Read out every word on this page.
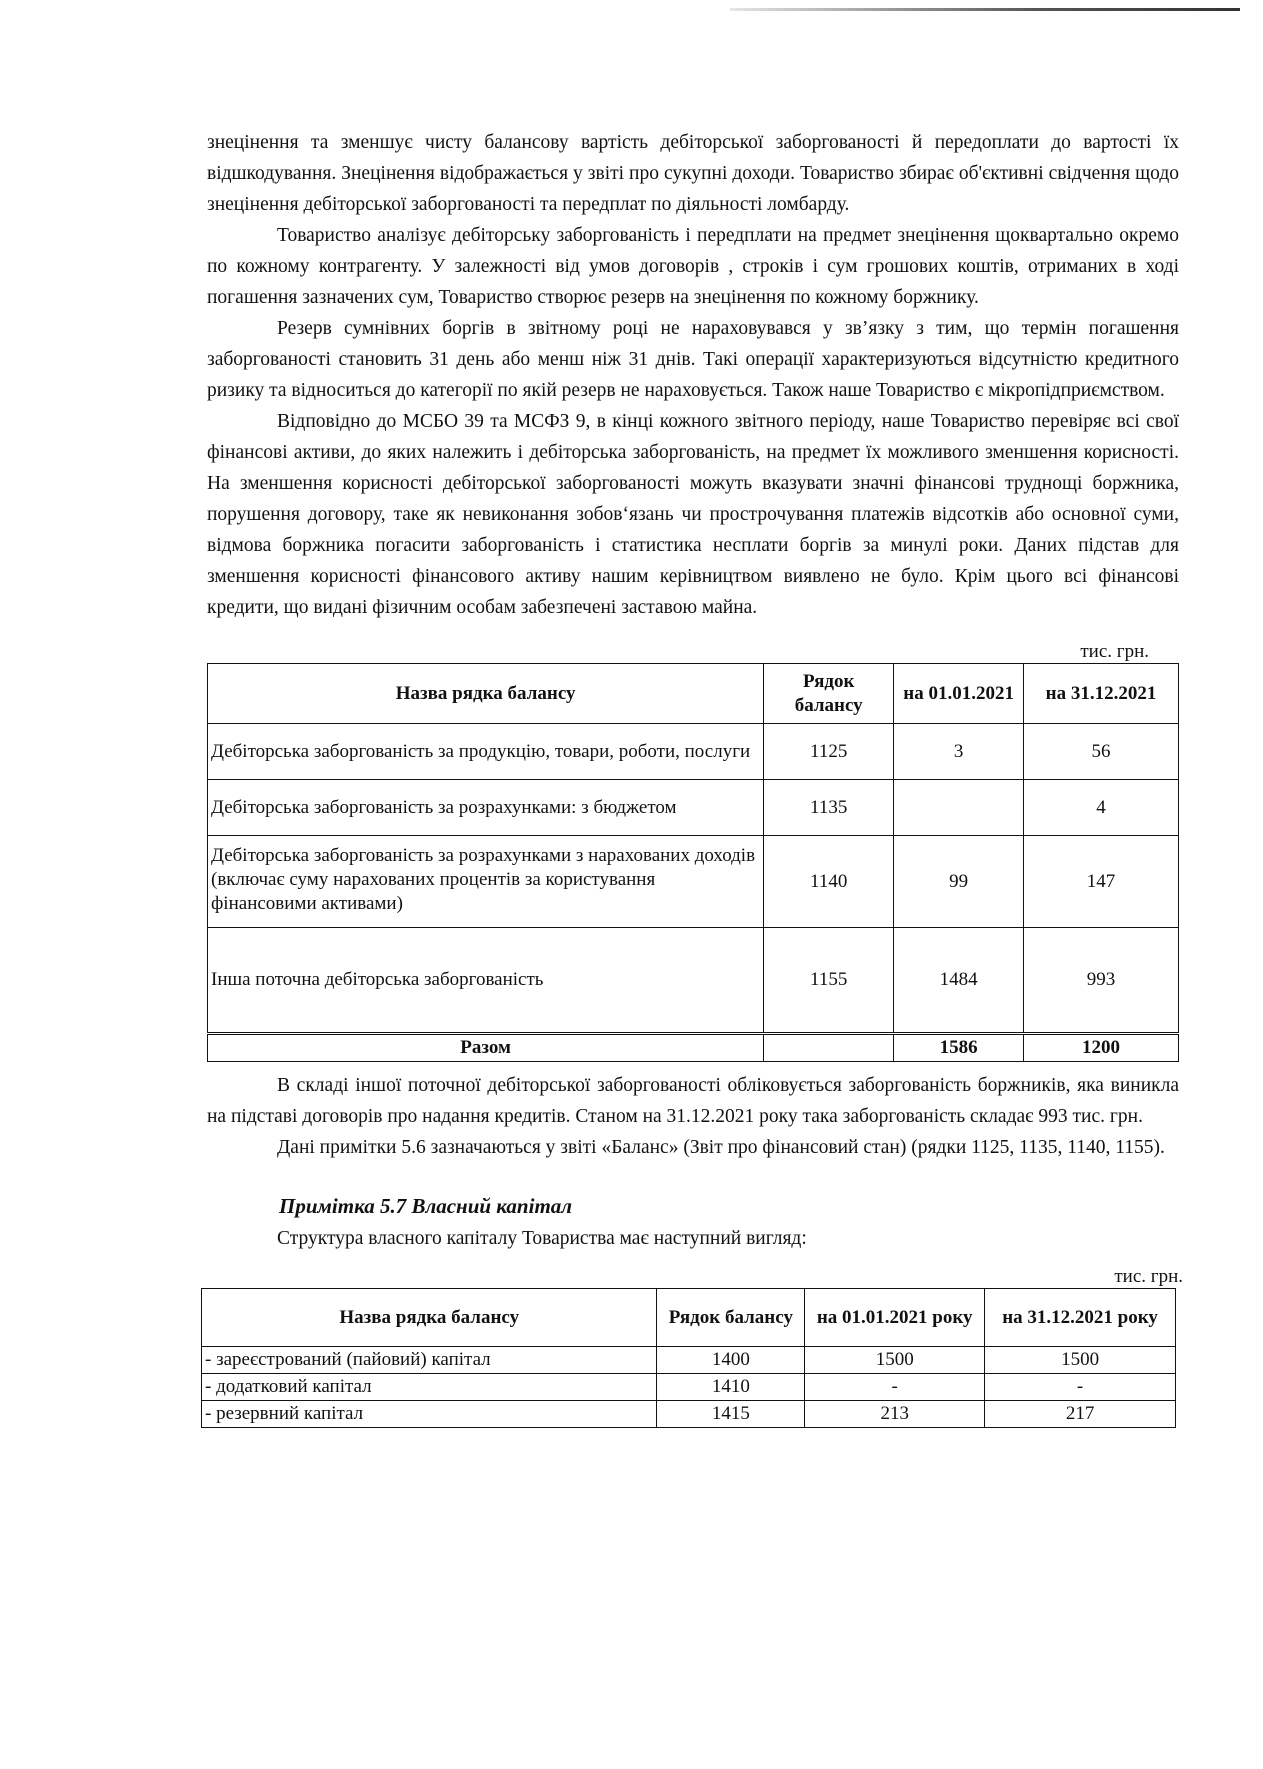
знецінення та зменшує чисту балансову вартість дебіторської заборгованості й передоплати до вартості їх відшкодування. Знецінення відображається у звіті про сукупні доходи. Товариство збирає об'єктивні свідчення щодо знецінення дебіторської заборгованості та передплат по діяльності ломбарду.

Товариство аналізує дебіторську заборгованість і передплати на предмет знецінення щоквартально окремо по кожному контрагенту. У залежності від умов договорів , строків і сум грошових коштів, отриманих в ході погашення зазначених сум, Товариство створює резерв на знецінення по кожному боржнику.

Резерв сумнівних боргів в звітному році не нараховувався у зв’язку з тим, що термін погашення заборгованості становить 31 день або менш ніж 31 днів. Такі операції характеризуються відсутністю кредитного ризику та відноситься до категорії по якій резерв не нараховується. Також наше Товариство є мікропідприємством.

Відповідно до МСБО 39 та МСФЗ 9, в кінці кожного звітного періоду, наше Товариство перевіряє всі свої фінансові активи, до яких належить і дебіторська заборгованість, на предмет їх можливого зменшення корисності. На зменшення корисності дебіторської заборгованості можуть вказувати значні фінансові труднощі боржника, порушення договору, таке як невиконання зобов‘язань чи прострочування платежів відсотків або основної суми, відмова боржника погасити заборгованість і статистика несплати боргів за минулі роки. Даних підстав для зменшення корисності фінансового активу нашим керівництвом виявлено не було. Крім цього всі фінансові кредити, що видані фізичним особам забезпечені заставою майна.

тис. грн.
Назва рядка балансу	Рядок балансу	на 01.01.2021	на 31.12.2021
Дебіторська заборгованість за продукцію, товари, роботи, послуги	1125	3	56
Дебіторська заборгованість за розрахунками: з бюджетом	1135		4
Дебіторська заборгованість за розрахунками з нарахованих доходів (включає суму нарахованих процентів за користування фінансовими активами)	1140	99	147
Інша поточна дебіторська заборгованість	1155	1484	993
Разом		1586	1200

В складі іншої поточної дебіторської заборгованості обліковується заборгованість боржників, яка виникла на підставі договорів про надання кредитів. Станом на 31.12.2021 року така заборгованість складає 993 тис. грн.

Дані примітки 5.6 зазначаються у звіті «Баланс» (Звіт про фінансовий стан) (рядки 1125, 1135, 1140, 1155).

Примітка 5.7 Власний капітал

Структура власного капіталу Товариства має наступний вигляд:

тис. грн.
Назва рядка балансу	Рядок балансу	на 01.01.2021 року	на 31.12.2021 року
- зареєстрований (пайовий) капітал	1400	1500	1500
- додатковий капітал	1410	-	-
- резервний капітал	1415	213	217
